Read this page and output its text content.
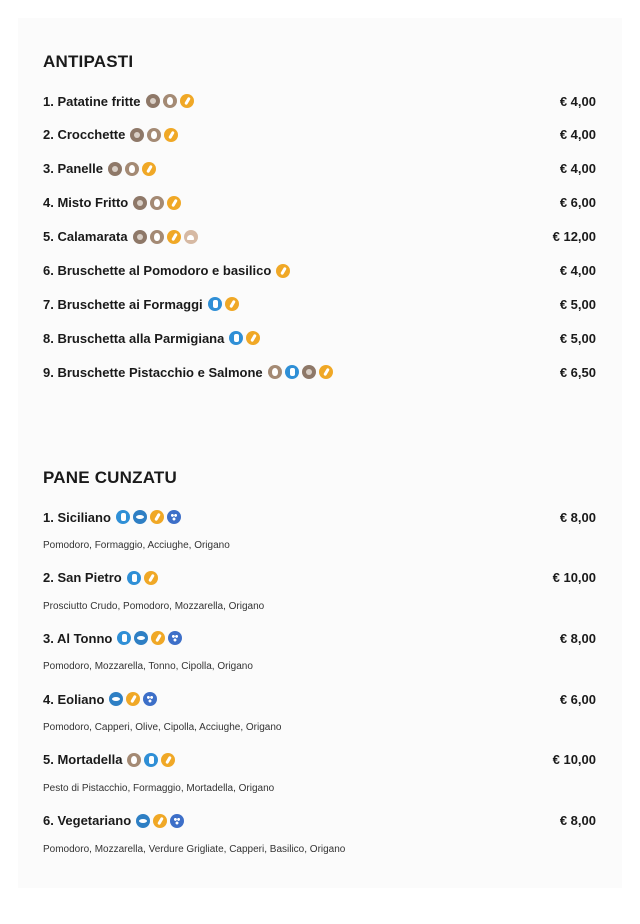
ANTIPASTI
1. Patatine fritte	€ 4,00
2. Crocchette	€ 4,00
3. Panelle	€ 4,00
4. Misto Fritto	€ 6,00
5. Calamarata	€ 12,00
6. Bruschette al Pomodoro e basilico	€ 4,00
7. Bruschette ai Formaggi	€ 5,00
8. Bruschetta alla Parmigiana	€ 5,00
9. Bruschette Pistacchio e Salmone	€ 6,50
PANE CUNZATU
1. Siciliano	€ 8,00
Pomodoro, Formaggio, Acciughe, Origano
2. San Pietro	€ 10,00
Prosciutto Crudo, Pomodoro, Mozzarella, Origano
3. Al Tonno	€ 8,00
Pomodoro, Mozzarella, Tonno, Cipolla, Origano
4. Eoliano	€ 6,00
Pomodoro, Capperi, Olive, Cipolla, Acciughe, Origano
5. Mortadella	€ 10,00
Pesto di Pistacchio, Formaggio, Mortadella, Origano
6. Vegetariano	€ 8,00
Pomodoro, Mozzarella, Verdure Grigliate, Capperi, Basilico, Origano
